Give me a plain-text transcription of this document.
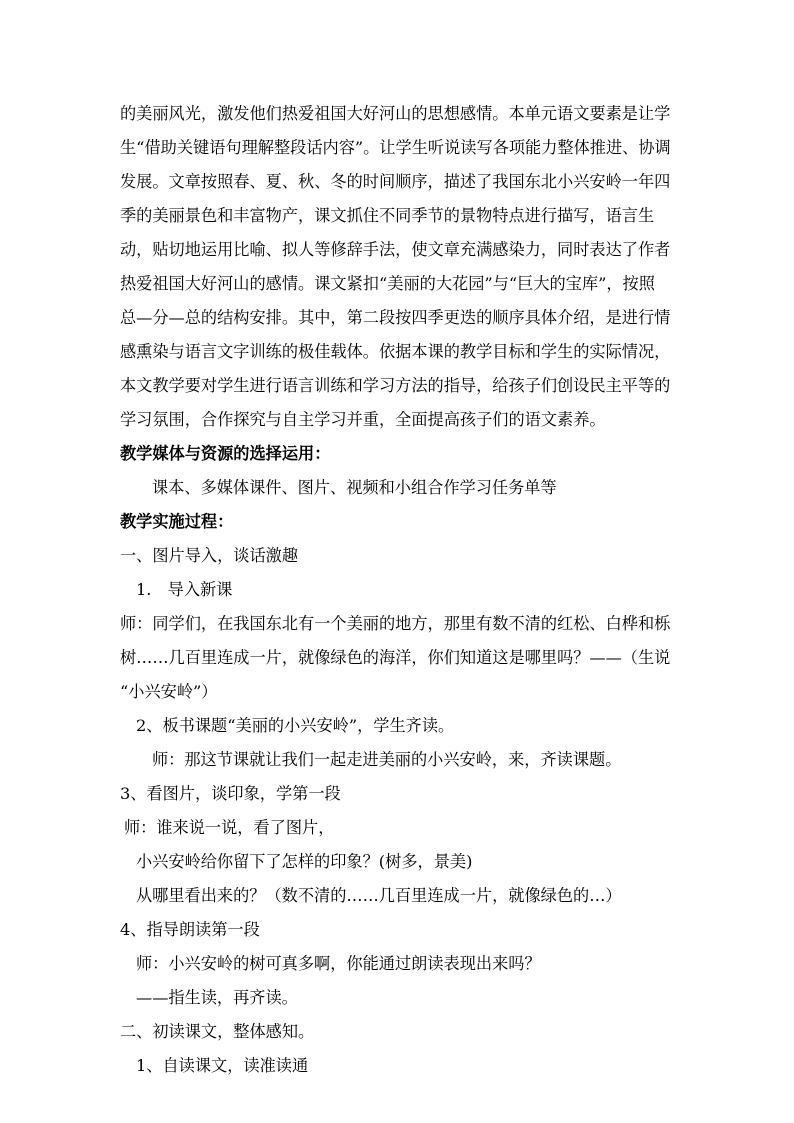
的美丽风光，激发他们热爱祖国大好河山的思想感情。本单元语文要素是让学
生“借助关键语句理解整段话内容”。让学生听说读写各项能力整体推进、协调
发展。文章按照春、夏、秋、冬的时间顺序，描述了我国东北小兴安岭一年四
季的美丽景色和丰富物产，课文抓住不同季节的景物特点进行描写，语言生
动，贴切地运用比喻、拟人等修辞手法，使文章充满感染力，同时表达了作者
热爱祖国大好河山的感情。课文紧扣“美丽的大花园”与“巨大的宝库”，按照
总—分—总的结构安排。其中，第二段按四季更迭的顺序具体介绍，是进行情
感熏染与语言文字训练的极佳载体。依据本课的教学目标和学生的实际情况，
本文教学要对学生进行语言训练和学习方法的指导，给孩子们创设民主平等的
学习氛围，合作探究与自主学习并重，全面提高孩子们的语文素养。
教学媒体与资源的选择运用：
课本、多媒体课件、图片、视频和小组合作学习任务单等
教学实施过程：
一、图片导入，谈话激趣
1.　导入新课
师：同学们，在我国东北有一个美丽的地方，那里有数不清的红松、白桦和栎
树……几百里连成一片，就像绿色的海洋，你们知道这是哪里吗？——（生说
“小兴安岭”）
2、板书课题“美丽的小兴安岭”，学生齐读。
师：那这节课就让我们一起走进美丽的小兴安岭，来，齐读课题。
3、看图片，谈印象，学第一段
师：谁来说一说，看了图片，
小兴安岭给你留下了怎样的印象？(树多，景美)
从哪里看出来的？（数不清的……几百里连成一片，就像绿色的…）
4、指导朗读第一段
师：小兴安岭的树可真多啊，你能通过朗读表现出来吗？
——指生读，再齐读。
二、初读课文，整体感知。
1、自读课文，读准读通
